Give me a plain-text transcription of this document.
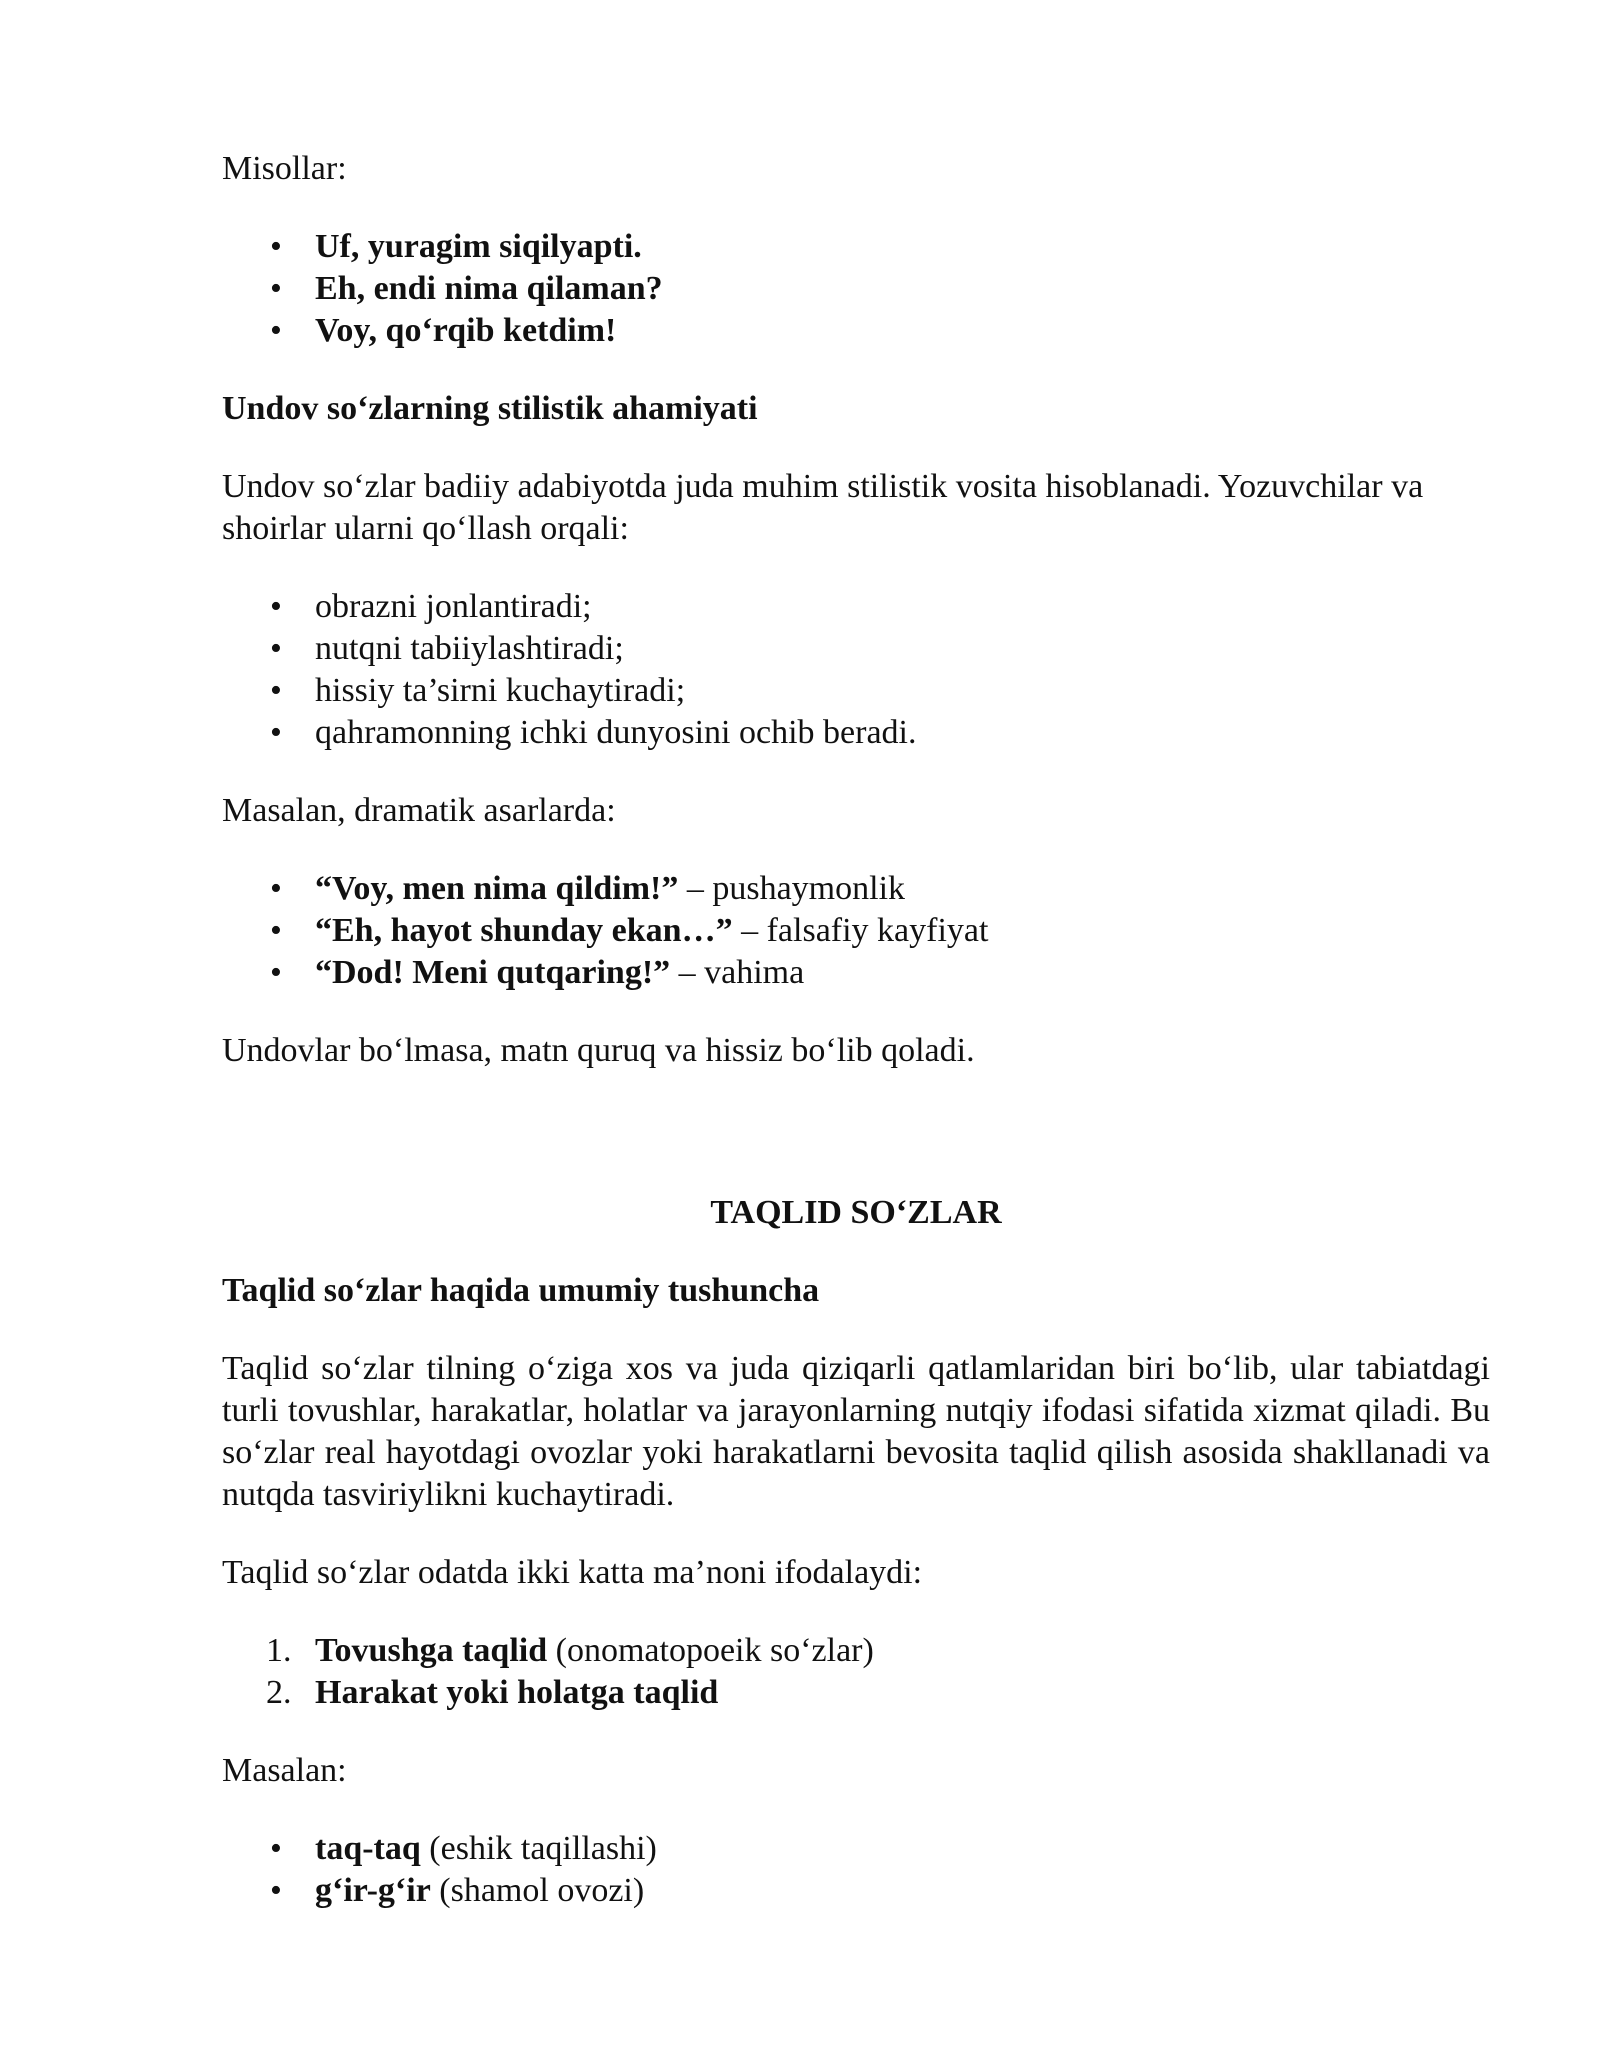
Misollar:

• Uf, yuragim siqilyapti.
• Eh, endi nima qilaman?
• Voy, qo‘rqib ketdim!
Undov so‘zlarning stilistik ahamiyati

Undov so‘zlar badiiy adabiyotda juda muhim stilistik vosita hisoblanadi. Yozuvchilar va shoirlar ularni qo‘llash orqali:

• obrazni jonlantiradi;
• nutqni tabiiylashtiradi;
• hissiy ta’sirni kuchaytiradi;
• qahramonning ichki dunyosini ochib beradi.

Masalan, dramatik asarlarda:

• “Voy, men nima qildim!” – pushaymonlik
• “Eh, hayot shunday ekan…” – falsafiy kayfiyat
• “Dod! Meni qutqaring!” – vahima

Undovlar bo‘lmasa, matn quruq va hissiz bo‘lib qoladi.

TAQLID SO‘ZLAR
Taqlid so‘zlar haqida umumiy tushuncha

Taqlid so‘zlar tilning o‘ziga xos va juda qiziqarli qatlamlaridan biri bo‘lib, ular tabiatdagi turli tovushlar, harakatlar, holatlar va jarayonlarning nutqiy ifodasi sifatida xizmat qiladi. Bu so‘zlar real hayotdagi ovozlar yoki harakatlarni bevosita taqlid qilish asosida shakllanadi va nutqda tasviriylikni kuchaytiradi.

Taqlid so‘zlar odatda ikki katta ma’noni ifodalaydi:

1. Tovushga taqlid (onomatopoeik so‘zlar)
2. Harakat yoki holatga taqlid

Masalan:

• taq-taq (eshik taqillashi)
• g‘ir-g‘ir (shamol ovozi)
